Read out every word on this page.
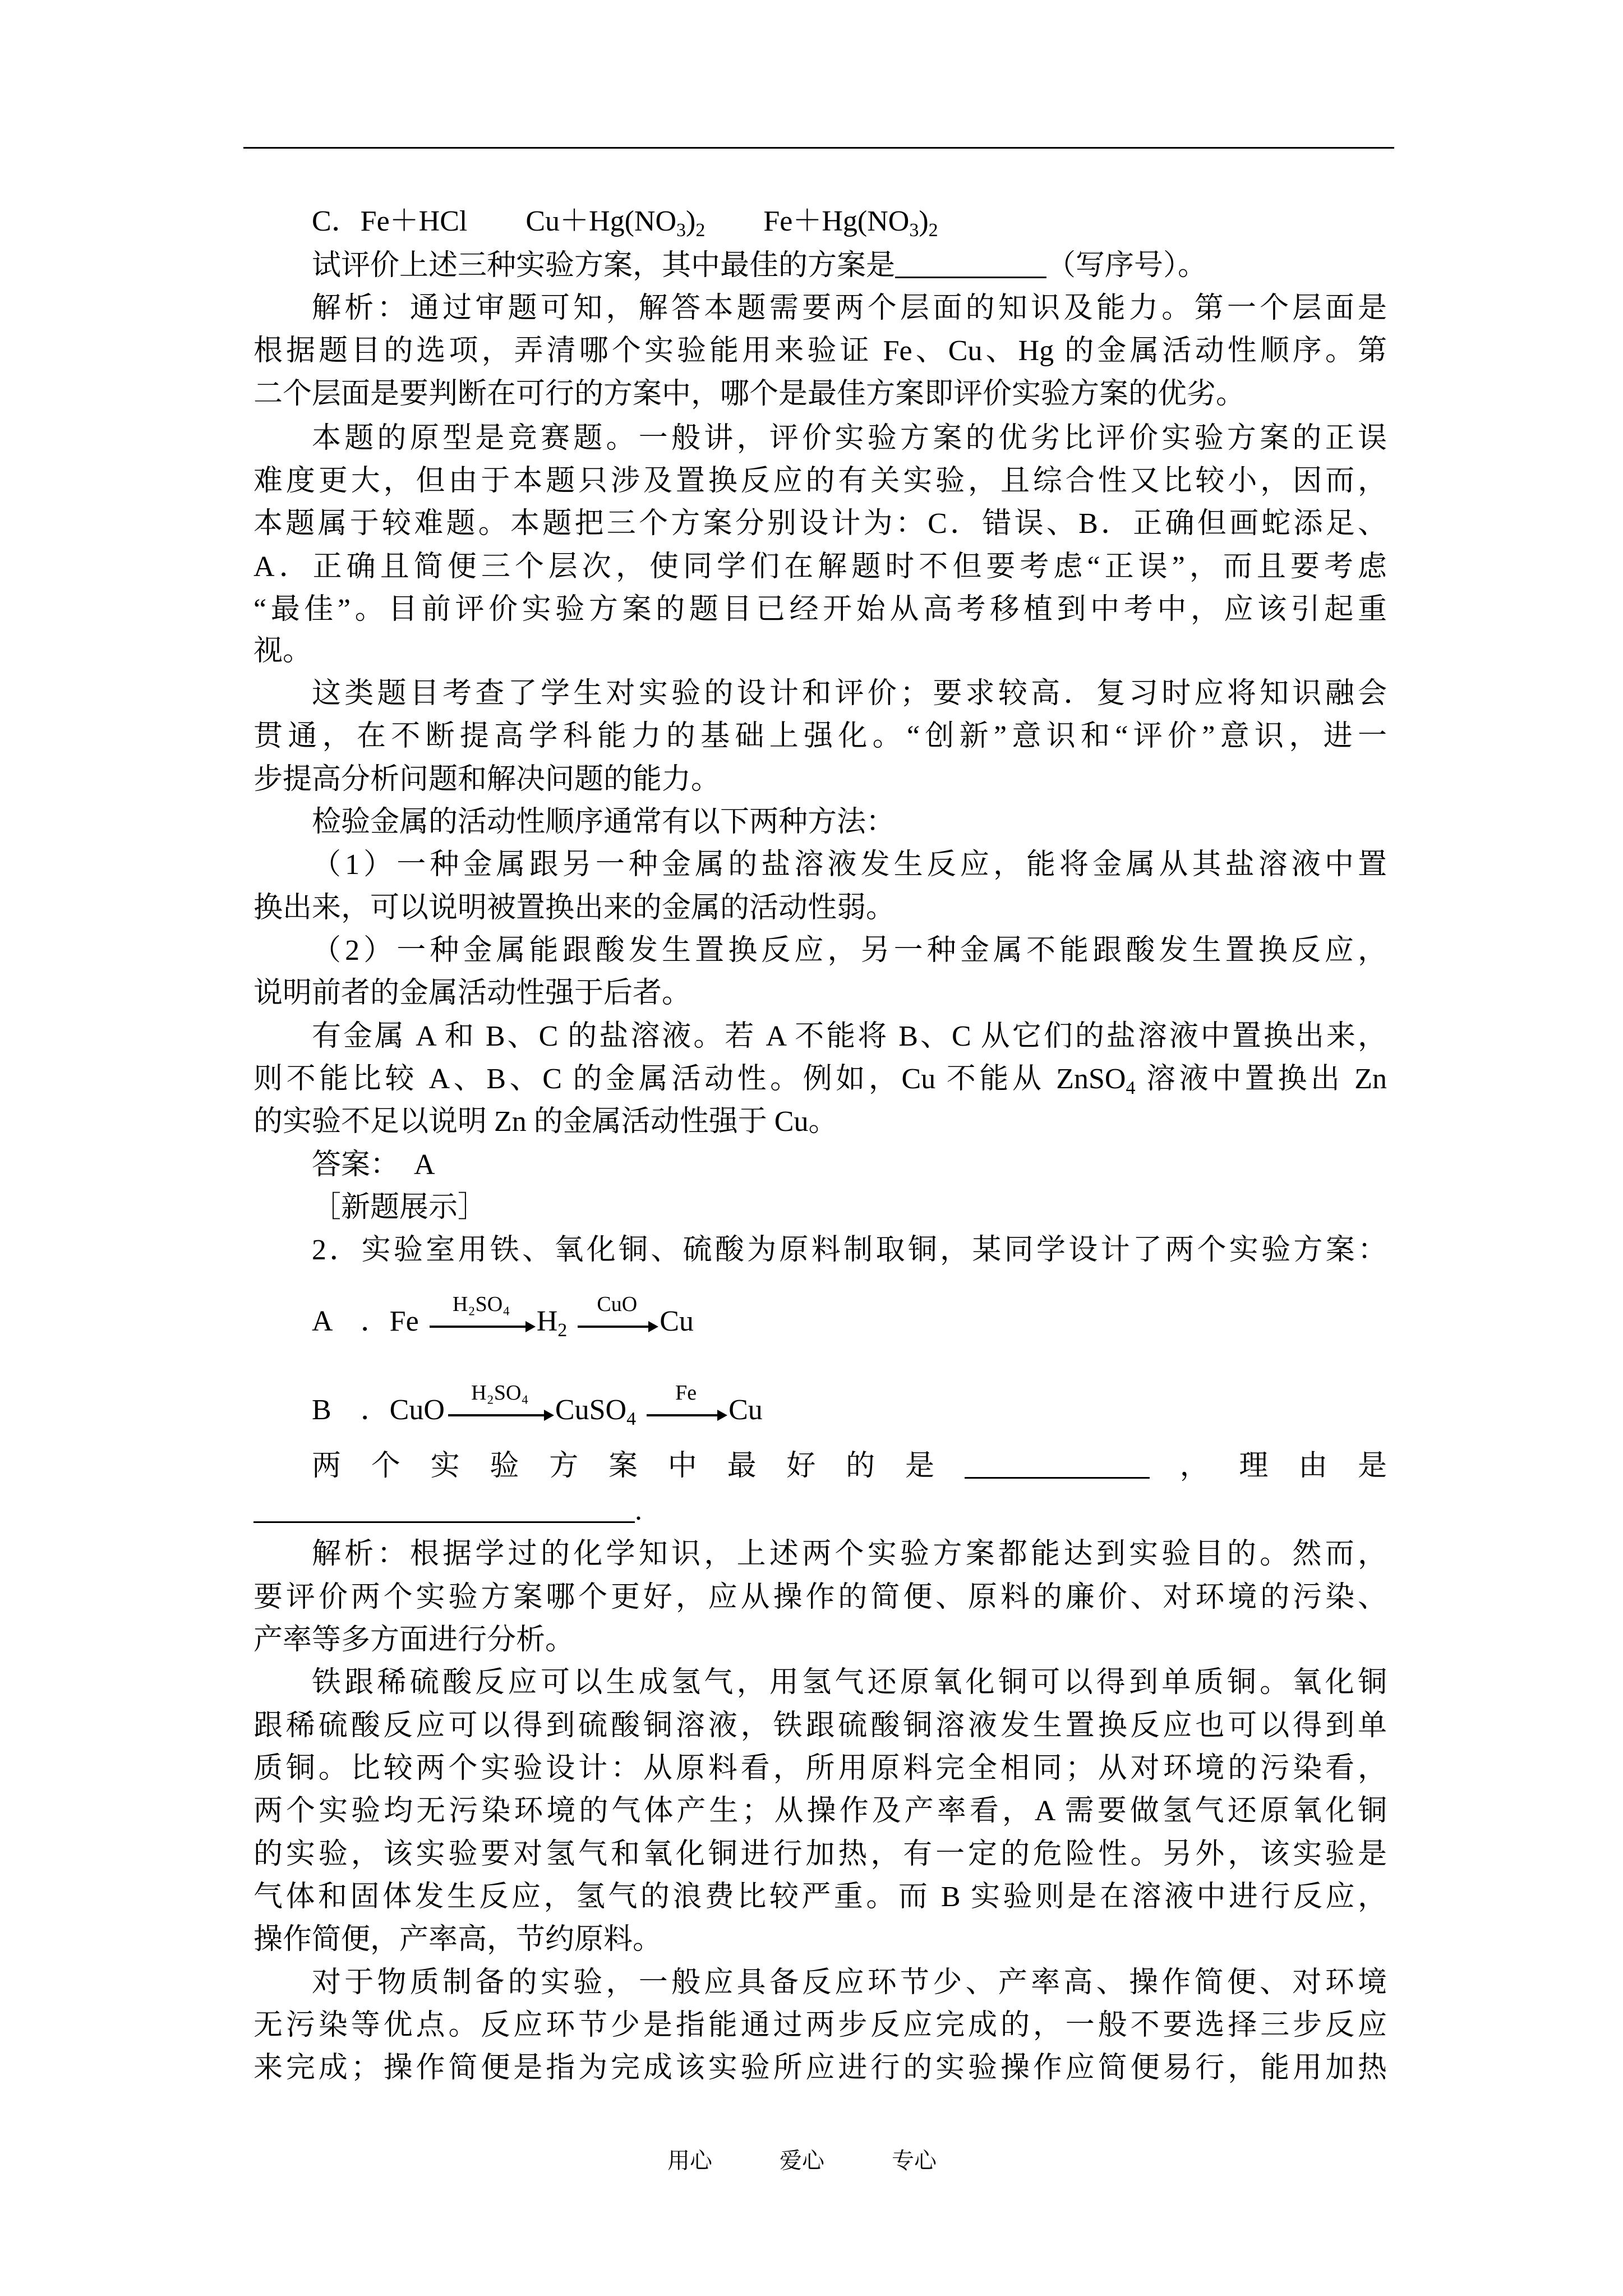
C．Fe＋HCl　　$Cu+Hg(NO_3)_2$　　$Fe+Hg(NO_3)_2$
试评价上述三种实验方案，其中最佳的方案是	（写序号）。
解析：通过审题可知，解答本题需要两个层面的知识及能力。第一个层面是
根据题目的选项，弄清哪个实验能用来验证 Fe、Cu、Hg 的金属活动性顺序。第
二个层面是要判断在可行的方案中，哪个是最佳方案即评价实验方案的优劣。
本题的原型是竞赛题。一般讲，评价实验方案的优劣比评价实验方案的正误
难度更大，但由于本题只涉及置换反应的有关实验，且综合性又比较小，因而，
本题属于较难题。本题把三个方案分别设计为：C．错误、B．正确但画蛇添足、
A．正确且简便三个层次，使同学们在解题时不但要考虑“正误”，而且要考虑
“最佳”。目前评价实验方案的题目已经开始从高考移植到中考中，应该引起重
视。
这类题目考查了学生对实验的设计和评价；要求较高．复习时应将知识融会
贯通，在不断提高学科能力的基础上强化。“创新”意识和“评价”意识，进一
步提高分析问题和解决问题的能力。
检验金属的活动性顺序通常有以下两种方法：
（1）一种金属跟另一种金属的盐溶液发生反应，能将金属从其盐溶液中置
换出来，可以说明被置换出来的金属的活动性弱。
（2）一种金属能跟酸发生置换反应，另一种金属不能跟酸发生置换反应，
说明前者的金属活动性强于后者。
有金属 A 和 B、C 的盐溶液。若 A 不能将 B、C 从它们的盐溶液中置换出来，
则不能比较 A、B、C 的金属活动性。例如，Cu 不能从 ZnSO$_4$ 溶液中置换出 Zn
的实验不足以说明 Zn 的金属活动性强于 Cu。
答案：　A
［新题展示］
2．实验室用铁、氧化铜、硫酸为原料制取铜，某同学设计了两个实验方案：
A　．Fe
H₂SO₄
$H_2$
CuO
Cu
B　．CuO
H₂SO₄
CuSO$_4$
Fe
Cu
两个实验方案中最好的是	，理由是
.
解析：根据学过的化学知识，上述两个实验方案都能达到实验目的。然而，
要评价两个实验方案哪个更好，应从操作的简便、原料的廉价、对环境的污染、
产率等多方面进行分析。
铁跟稀硫酸反应可以生成氢气，用氢气还原氧化铜可以得到单质铜。氧化铜
跟稀硫酸反应可以得到硫酸铜溶液，铁跟硫酸铜溶液发生置换反应也可以得到单
质铜。比较两个实验设计：从原料看，所用原料完全相同；从对环境的污染看，
两个实验均无污染环境的气体产生；从操作及产率看，A 需要做氢气还原氧化铜
的实验，该实验要对氢气和氧化铜进行加热，有一定的危险性。另外，该实验是
气体和固体发生反应，氢气的浪费比较严重。而 B 实验则是在溶液中进行反应，
操作简便，产率高，节约原料。
对于物质制备的实验，一般应具备反应环节少、产率高、操作简便、对环境
无污染等优点。反应环节少是指能通过两步反应完成的，一般不要选择三步反应
来完成；操作简便是指为完成该实验所应进行的实验操作应简便易行，能用加热
用心　　　爱心　　　专心
